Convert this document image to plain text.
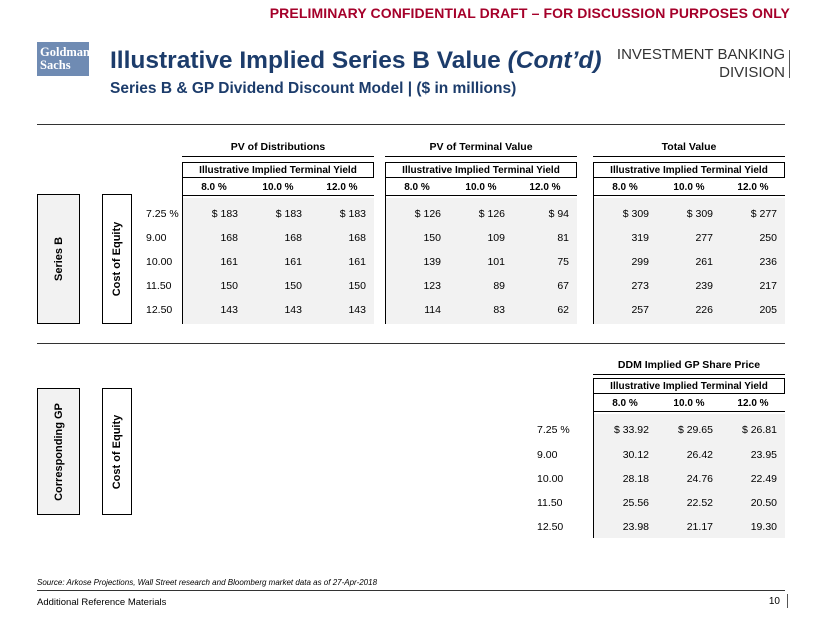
PRELIMINARY CONFIDENTIAL DRAFT – FOR DISCUSSION PURPOSES ONLY
Goldman
Sachs	Illustrative Implied Series B Value (Cont’d)
Series B & GP Dividend Discount Model | ($ in millions)
INVESTMENT BANKING
DIVISION
Series B	Cost of Equity
PV of Distributions
Illustrative Implied Terminal Yield
8.0 %	10.0 %	12.0 %
PV of Terminal Value
Illustrative Implied Terminal Yield
8.0 %	10.0 %	12.0 %
Total Value
Illustrative Implied Terminal Yield
8.0 %	10.0 %	12.0 %
7.25 %	$ 183	$ 183	$ 183	$ 126	$ 126	$ 94	$ 309	$ 309	$ 277
9.00	168	168	168	150	109	81	319	277	250
10.00	161	161	161	139	101	75	299	261	236
11.50	150	150	150	123	89	67	273	239	217
12.50	143	143	143	114	83	62	257	226	205
Corresponding GP	Cost of Equity
DDM Implied GP Share Price
Illustrative Implied Terminal Yield
8.0 %	10.0 %	12.0 %
7.25 %	$ 33.92	$ 29.65	$ 26.81
9.00	30.12	26.42	23.95
10.00	28.18	24.76	22.49
11.50	25.56	22.52	20.50
12.50	23.98	21.17	19.30
Source: Arkose Projections, Wall Street research and Bloomberg market data as of 27-Apr-2018
Additional Reference Materials	10
